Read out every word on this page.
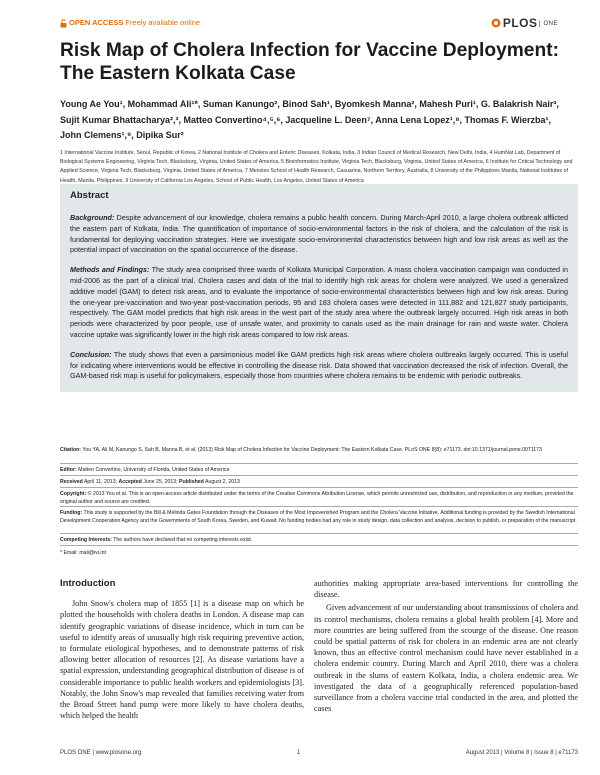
OPEN ACCESS Freely available online	PLOS ONE
Risk Map of Cholera Infection for Vaccine Deployment: The Eastern Kolkata Case
Young Ae You¹, Mohammad Ali¹*, Suman Kanungo², Binod Sah¹, Byomkesh Manna², Mahesh Puri¹, G. Balakrish Nair³, Sujit Kumar Bhattacharya²,³, Matteo Convertino⁴,⁵,⁶, Jacqueline L. Deen⁷, Anna Lena Lopez¹,⁸, Thomas F. Wierzba¹, John Clemens¹,⁹, Dipika Sur²
1 International Vaccine Institute, Seoul, Republic of Korea, 2 National Institute of Cholera and Enteric Diseases, Kolkata, India, 3 Indian Council of Medical Research, New Delhi, India, 4 HumNat Lab, Department of Biological Systems Engineering, Virginia Tech, Blacksburg, Virginia, United States of America, 5 Bioinformatics Institute, Virginia Tech, Blacksburg, Virginia, United States of America, 6 Institute for Critical Technology and Applied Science, Virginia Tech, Blacksburg, Virginia, United States of America, 7 Menzies School of Health Research, Casuarina, Northern Territory, Australia, 8 University of the Philippines Manila, National Institutes of Health, Manila, Philippines, 9 University of California Los Angeles, School of Public Health, Los Angeles, United States of America
Abstract

Background: Despite advancement of our knowledge, cholera remains a public health concern. During March-April 2010, a large cholera outbreak afflicted the eastern part of Kolkata, India. The quantification of importance of socio-environmental factors in the risk of cholera, and the calculation of the risk is fundamental for deploying vaccination strategies. Here we investigate socio-environmental characteristics between high and low risk areas as well as the potential impact of vaccination on the spatial occurrence of the disease.

Methods and Findings: The study area comprised three wards of Kolkata Municipal Corporation. A mass cholera vaccination campaign was conducted in mid-2006 as the part of a clinical trial. Cholera cases and data of the trial to identify high risk areas for cholera were analyzed. We used a generalized additive model (GAM) to detect risk areas, and to evaluate the importance of socio-environmental characteristics between high and low risk areas. During the one-year pre-vaccination and two-year post-vaccination periods, 95 and 183 cholera cases were detected in 111,882 and 121,827 study participants, respectively. The GAM model predicts that high risk areas in the west part of the study area where the outbreak largely occurred. High risk areas in both periods were characterized by poor people, use of unsafe water, and proximity to canals used as the main drainage for rain and waste water. Cholera vaccine uptake was significantly lower in the high risk areas compared to low risk areas.

Conclusion: The study shows that even a parsimonious model like GAM predicts high risk areas where cholera outbreaks largely occurred. This is useful for indicating where interventions would be effective in controlling the disease risk. Data showed that vaccination decreased the risk of infection. Overall, the GAM-based risk map is useful for policymakers, especially those from countries where cholera remains to be endemic with periodic outbreaks.

Citation: You YA, Ali M, Kanungo S, Sah B, Manna B, et al. (2013) Risk Map of Cholera Infection for Vaccine Deployment: The Eastern Kolkata Case. PLoS ONE 8(8): e71173. doi:10.1371/journal.pone.0071173
Editor: Matteo Convertino, University of Florida, United States of America
Received April 11, 2013; Accepted June 25, 2013; Published August 2, 2013
Copyright: © 2013 You et al. This is an open-access article distributed under the terms of the Creative Commons Attribution License, which permits unrestricted use, distribution, and reproduction in any medium, provided the original author and source are credited.
Funding: This study is supported by the Bill & Melinda Gates Foundation through the Diseases of the Most Impoverished Program and the Cholera Vaccine Initiative. Additional funding is provided by the Swedish International Development Cooperation Agency and the Governments of South Korea, Sweden, and Kuwait. No funding bodies had any role in study design, data collection and analysis, decision to publish, or preparation of the manuscript.
Competing Interests: The authors have declared that no competing interests exist.
* Email: mali@ivi.int
Introduction

John Snow's cholera map of 1855 [1] is a disease map on which he plotted the households with cholera deaths in London. A disease map can identify geographic variations of disease incidence, which in turn can be useful to identify areas of unusually high risk requiring preventive action, to formulate etiological hypotheses, and to demonstrate patterns of risk allowing better allocation of resources [2]. As disease variations have a spatial expression, understanding geographical distribution of disease is of considerable importance to public health workers and epidemiologists [3]. Notably, the John Snow's map revealed that families receiving water from the Broad Street hand pump were more likely to have cholera deaths, which helped the health

authorities making appropriate area-based interventions for controlling the disease.

Given advancement of our understanding about transmissions of cholera and its control mechanisms, cholera remains a global health problem [4]. More and more countries are being suffered from the scourge of the disease. One reason could be spatial patterns of risk for cholera in an endemic area are not clearly known, thus an effective control mechanism could have never established in a cholera endemic country. During March and April 2010, there was a cholera outbreak in the slums of eastern Kolkata, India, a cholera endemic area. We investigated the data of a geographically referenced population-based surveillance from a cholera vaccine trial conducted in the area, and plotted the cases

PLOS ONE | www.plosone.org	1	August 2013 | Volume 8 | Issue 8 | e71173
